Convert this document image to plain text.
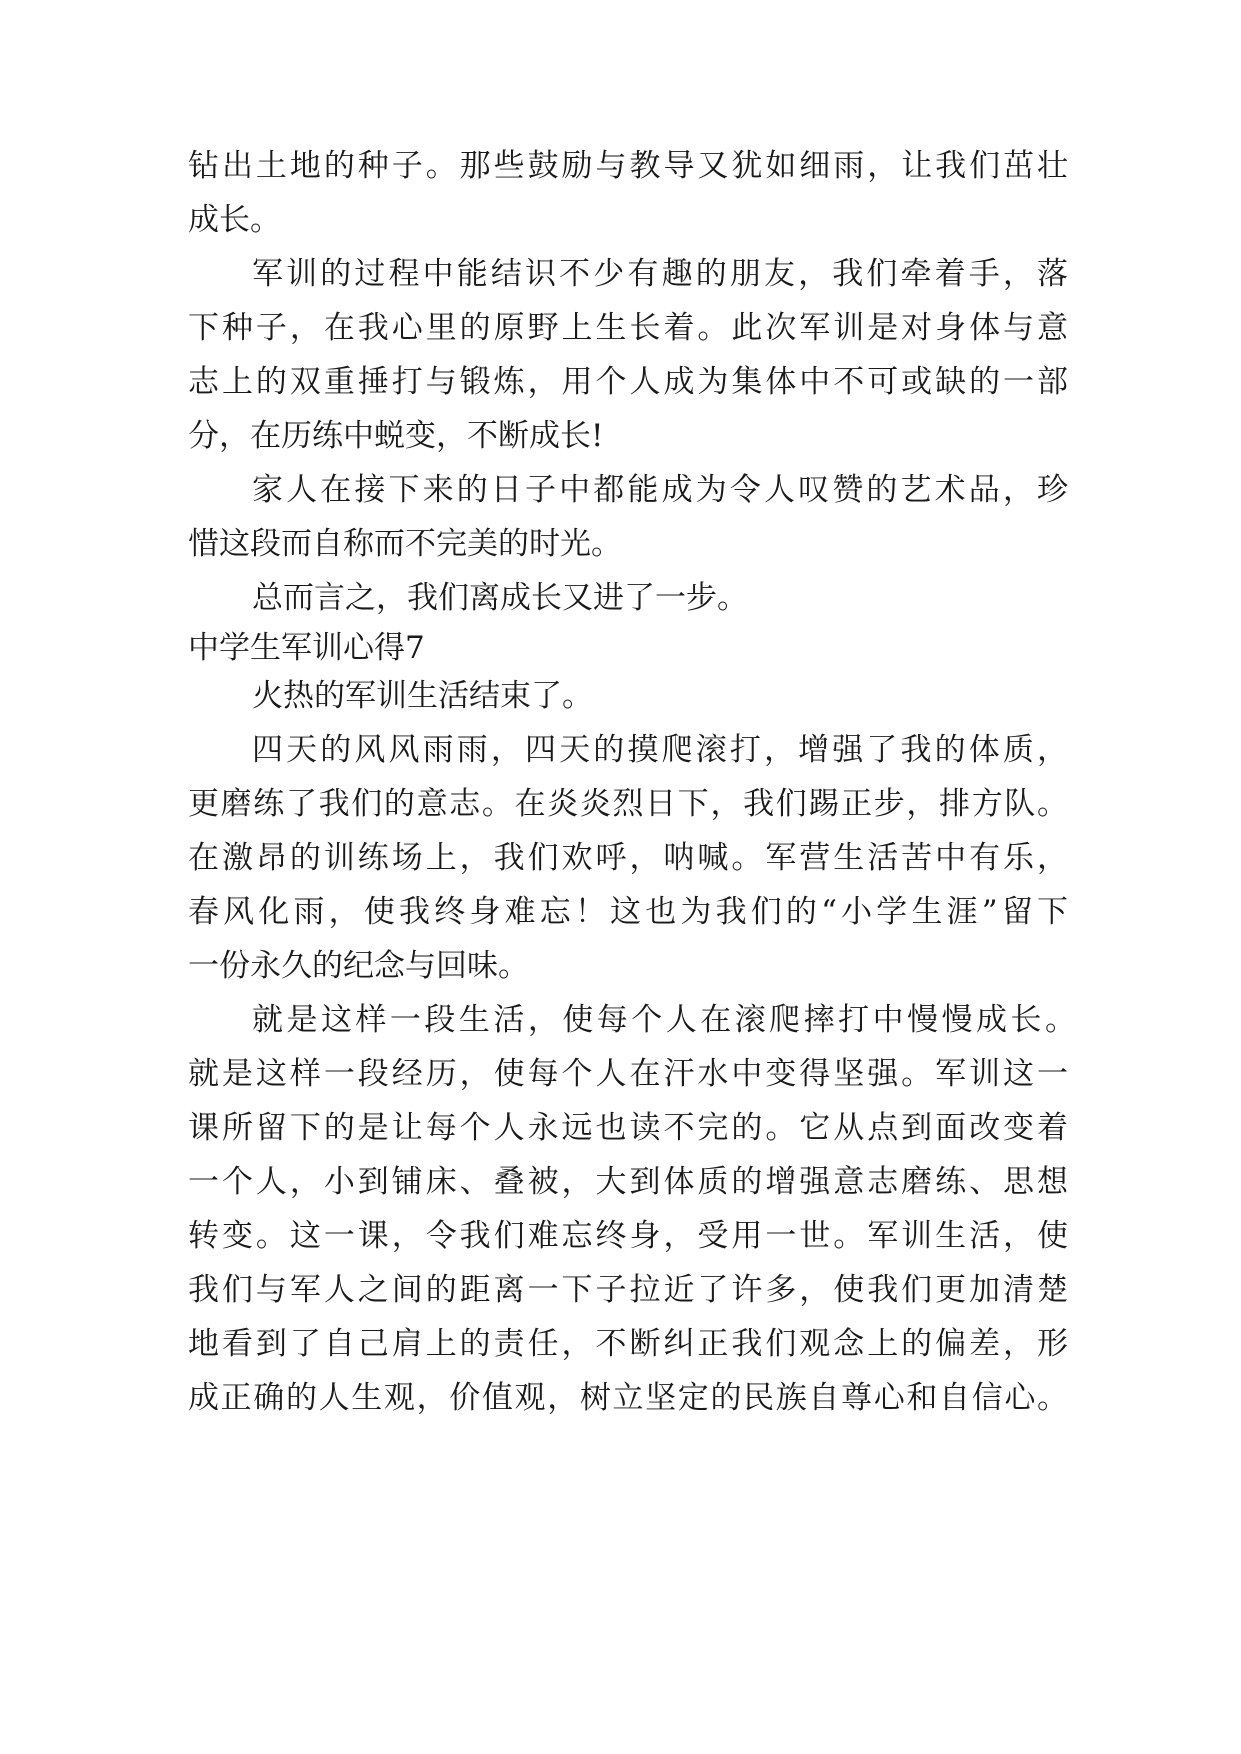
钻出土地的种子。那些鼓励与教导又犹如细雨，让我们茁壮

成长。

军训的过程中能结识不少有趣的朋友，我们牵着手，落

下种子，在我心里的原野上生长着。此次军训是对身体与意

志上的双重捶打与锻炼，用个人成为集体中不可或缺的一部

分，在历练中蜕变，不断成长!

家人在接下来的日子中都能成为令人叹赞的艺术品，珍

惜这段而自称而不完美的时光。

总而言之，我们离成长又进了一步。

中学生军训心得7

火热的军训生活结束了。

四天的风风雨雨，四天的摸爬滚打，增强了我的体质，

更磨练了我们的意志。在炎炎烈日下，我们踢正步，排方队。

在激昂的训练场上，我们欢呼，呐喊。军营生活苦中有乐，

春风化雨，使我终身难忘！这也为我们的“小学生涯”留下

一份永久的纪念与回味。

就是这样一段生活，使每个人在滚爬摔打中慢慢成长。

就是这样一段经历，使每个人在汗水中变得坚强。军训这一

课所留下的是让每个人永远也读不完的。它从点到面改变着

一个人，小到铺床、叠被，大到体质的增强意志磨练、思想

转变。这一课，令我们难忘终身，受用一世。军训生活，使

我们与军人之间的距离一下子拉近了许多，使我们更加清楚

地看到了自己肩上的责任，不断纠正我们观念上的偏差，形

成正确的人生观，价值观，树立坚定的民族自尊心和自信心。
